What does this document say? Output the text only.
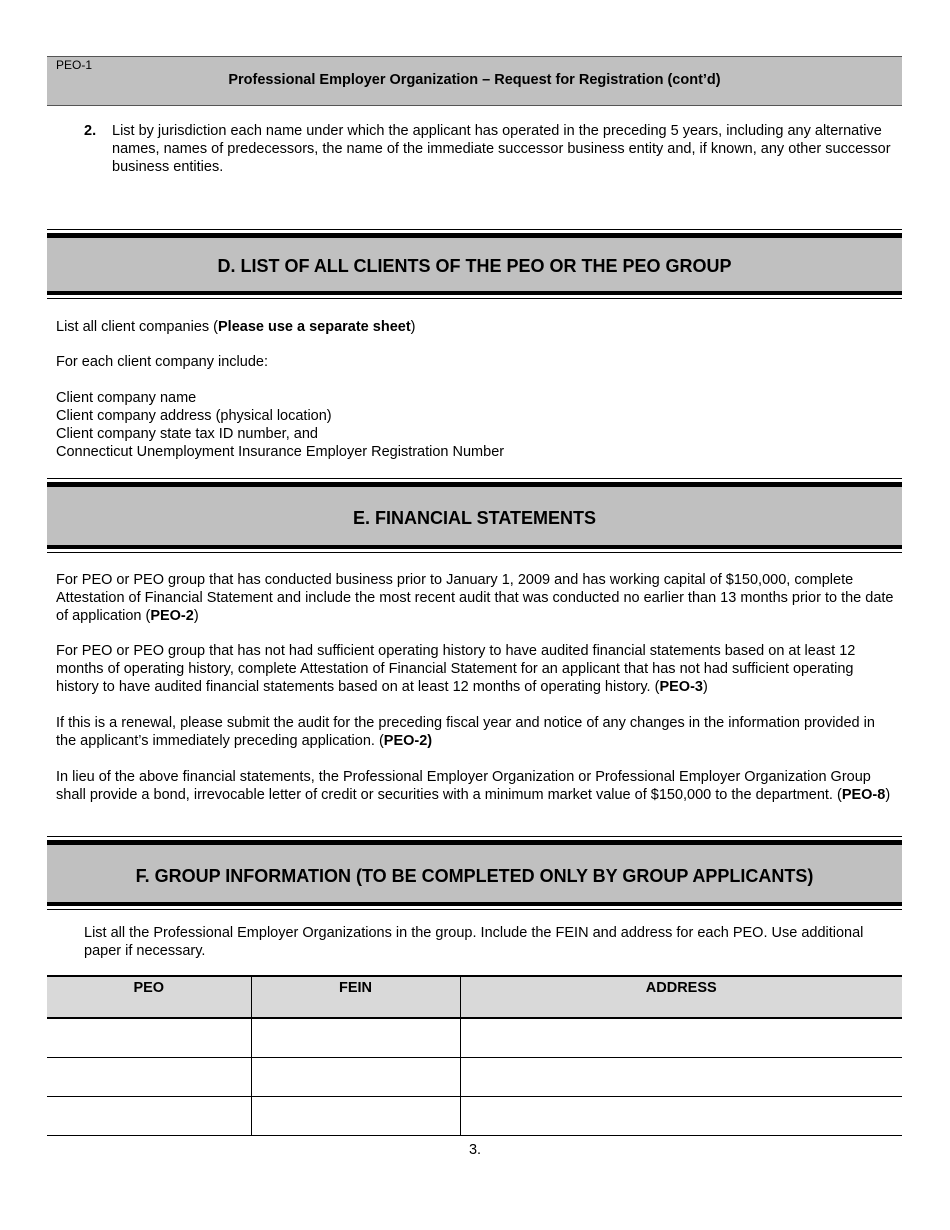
PEO-1
Professional Employer Organization – Request for Registration (cont’d)
2. List by jurisdiction each name under which the applicant has operated in the preceding 5 years, including any alternative names, names of predecessors, the name of the immediate successor business entity and, if known, any other successor business entities.
D. LIST OF ALL CLIENTS OF THE PEO OR THE PEO GROUP
List all client companies (Please use a separate sheet)
For each client company include:
Client company name
Client company address (physical location)
Client company state tax ID number, and
Connecticut Unemployment Insurance Employer Registration Number
E. FINANCIAL STATEMENTS
For PEO or PEO group that has conducted business prior to January 1, 2009 and has working capital of $150,000, complete Attestation of Financial Statement and include the most recent audit that was conducted no earlier than 13 months prior to the date of application (PEO-2)
For PEO or PEO group that has not had sufficient operating history to have audited financial statements based on at least 12 months of operating history, complete Attestation of Financial Statement for an applicant that has not had sufficient operating history to have audited financial statements based on at least 12 months of operating history. (PEO-3)
If this is a renewal, please submit the audit for the preceding fiscal year and notice of any changes in the information provided in the applicant’s immediately preceding application. (PEO-2)
In lieu of the above financial statements, the Professional Employer Organization or Professional Employer Organization Group shall provide a bond, irrevocable letter of credit or securities with a minimum market value of $150,000 to the department. (PEO-8)
F. GROUP INFORMATION (TO BE COMPLETED ONLY BY GROUP APPLICANTS)
List all the Professional Employer Organizations in the group. Include the FEIN and address for each PEO. Use additional paper if necessary.
PEO	FEIN	ADDRESS

3.
